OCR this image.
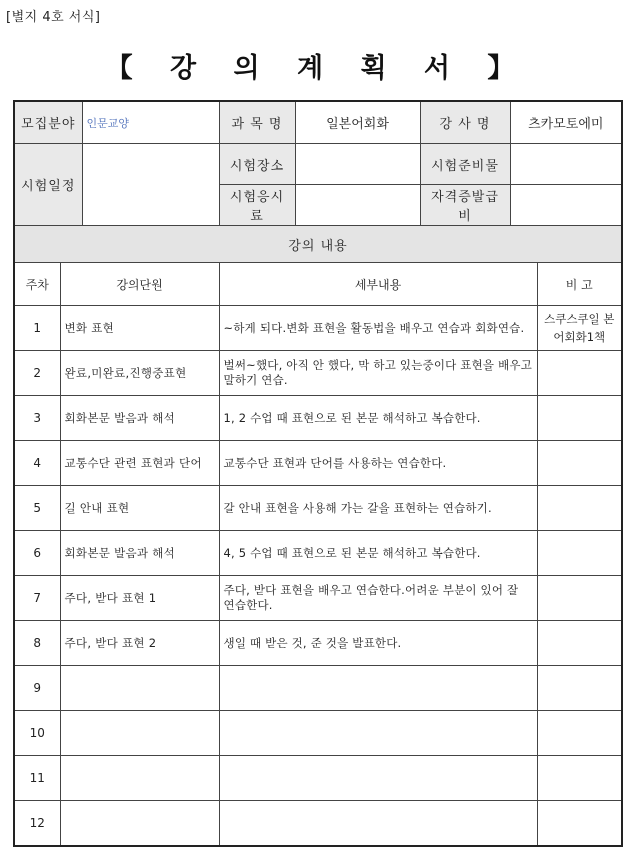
[별지 4호 서식]
【 강 의 계 획 서 】
모집분야		인문교양	과 목 명	일본어회화	강 사 명	츠카모토에미	
시험일정			시험장소		시험준비물		
			시험응시료		자격증발급비		
강의 내용							
주차	강의단원		세부내용				비 고
1	변화 표현		~하게 되다.변화 표현을 활동법을 배우고 연습과 회화연습.				스쿠스쿠일 본어회화1책
2	완료,미완료,진행중표현		벌써~했다, 아직 안 했다, 막 하고 있는중이다 표현을 배우고 말하기 연습.				
3	회화본문 발음과 해석		1, 2 수업 때 표현으로 된 본문 해석하고 복습한다.				
4	교통수단 관련 표현과 단어		교통수단 표현과 단어를 사용하는 연습한다.				
5	길 안내 표현		갈 안내 표현을 사용해 가는 갈을 표현하는 연습하기.				
6	회화본문 발음과 해석		4, 5 수업 때 표현으로 된 본문 해석하고 복습한다.				
7	주다, 받다 표현 1		주다, 받다 표현을 배우고 연습한다.어려운 부분이 있어 잘 연습한다.				
8	주다, 받다 표현 2		생일 때 받은 것, 준 것을 발표한다.				
9							
10							
11							
12							
